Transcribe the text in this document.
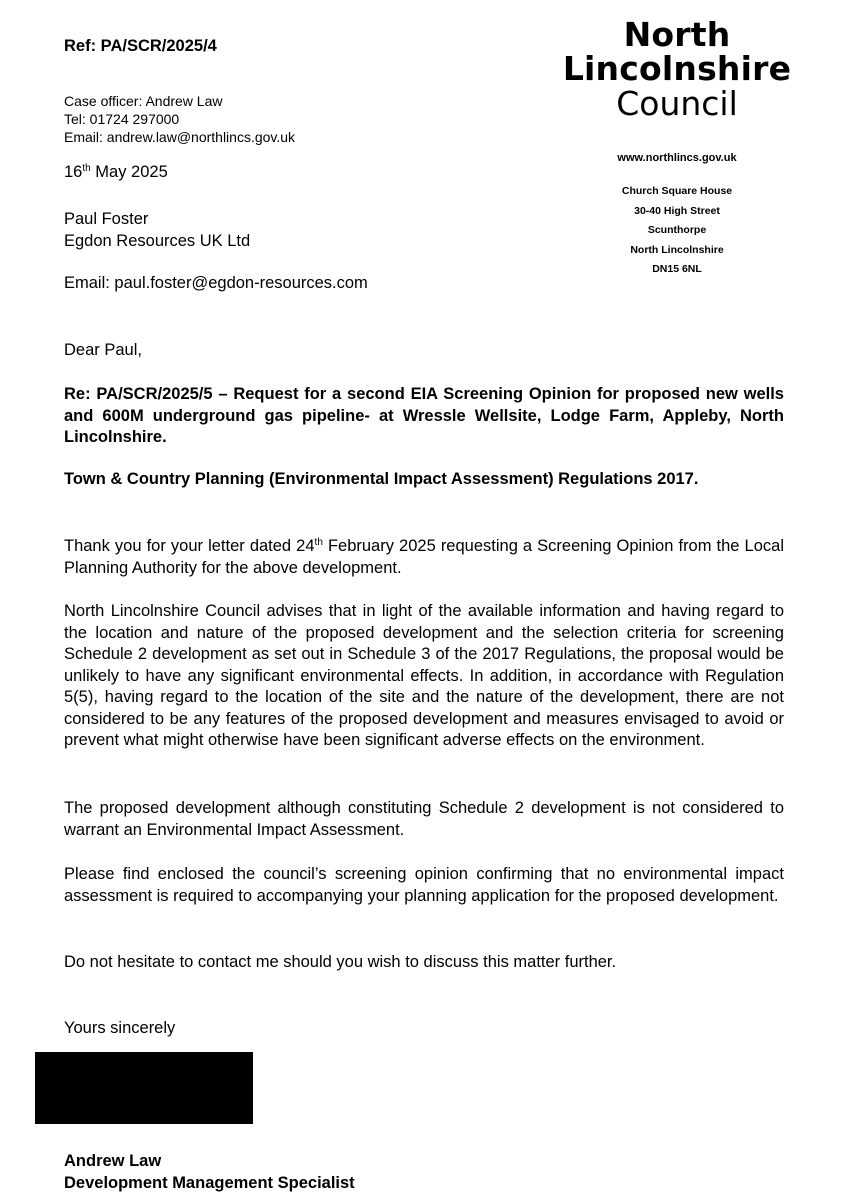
Ref: PA/SCR/2025/4
Case officer: Andrew Law
Tel: 01724 297000
Email: andrew.law@northlincs.gov.uk
16th May 2025
Paul Foster
Egdon Resources UK Ltd
Email: paul.foster@egdon-resources.com
North
Lincolnshire
Council
www.northlincs.gov.uk
Church Square House
30-40 High Street
Scunthorpe
North Lincolnshire
DN15 6NL
Dear Paul,
Re: PA/SCR/2025/5 – Request for a second EIA Screening Opinion for proposed new wells and 600M underground gas pipeline- at Wressle Wellsite, Lodge Farm, Appleby, North Lincolnshire.
Town & Country Planning (Environmental Impact Assessment) Regulations 2017.
Thank you for your letter dated 24th February 2025 requesting a Screening Opinion from the Local Planning Authority for the above development.
North Lincolnshire Council advises that in light of the available information and having regard to the location and nature of the proposed development and the selection criteria for screening Schedule 2 development as set out in Schedule 3 of the 2017 Regulations, the proposal would be unlikely to have any significant environmental effects. In addition, in accordance with Regulation 5(5), having regard to the location of the site and the nature of the development, there are not considered to be any features of the proposed development and measures envisaged to avoid or prevent what might otherwise have been significant adverse effects on the environment.
The proposed development although constituting Schedule 2 development is not considered to warrant an Environmental Impact Assessment.
Please find enclosed the council’s screening opinion confirming that no environmental impact assessment is required to accompanying your planning application for the proposed development.
Do not hesitate to contact me should you wish to discuss this matter further.
Yours sincerely
Andrew Law
Development Management Specialist
